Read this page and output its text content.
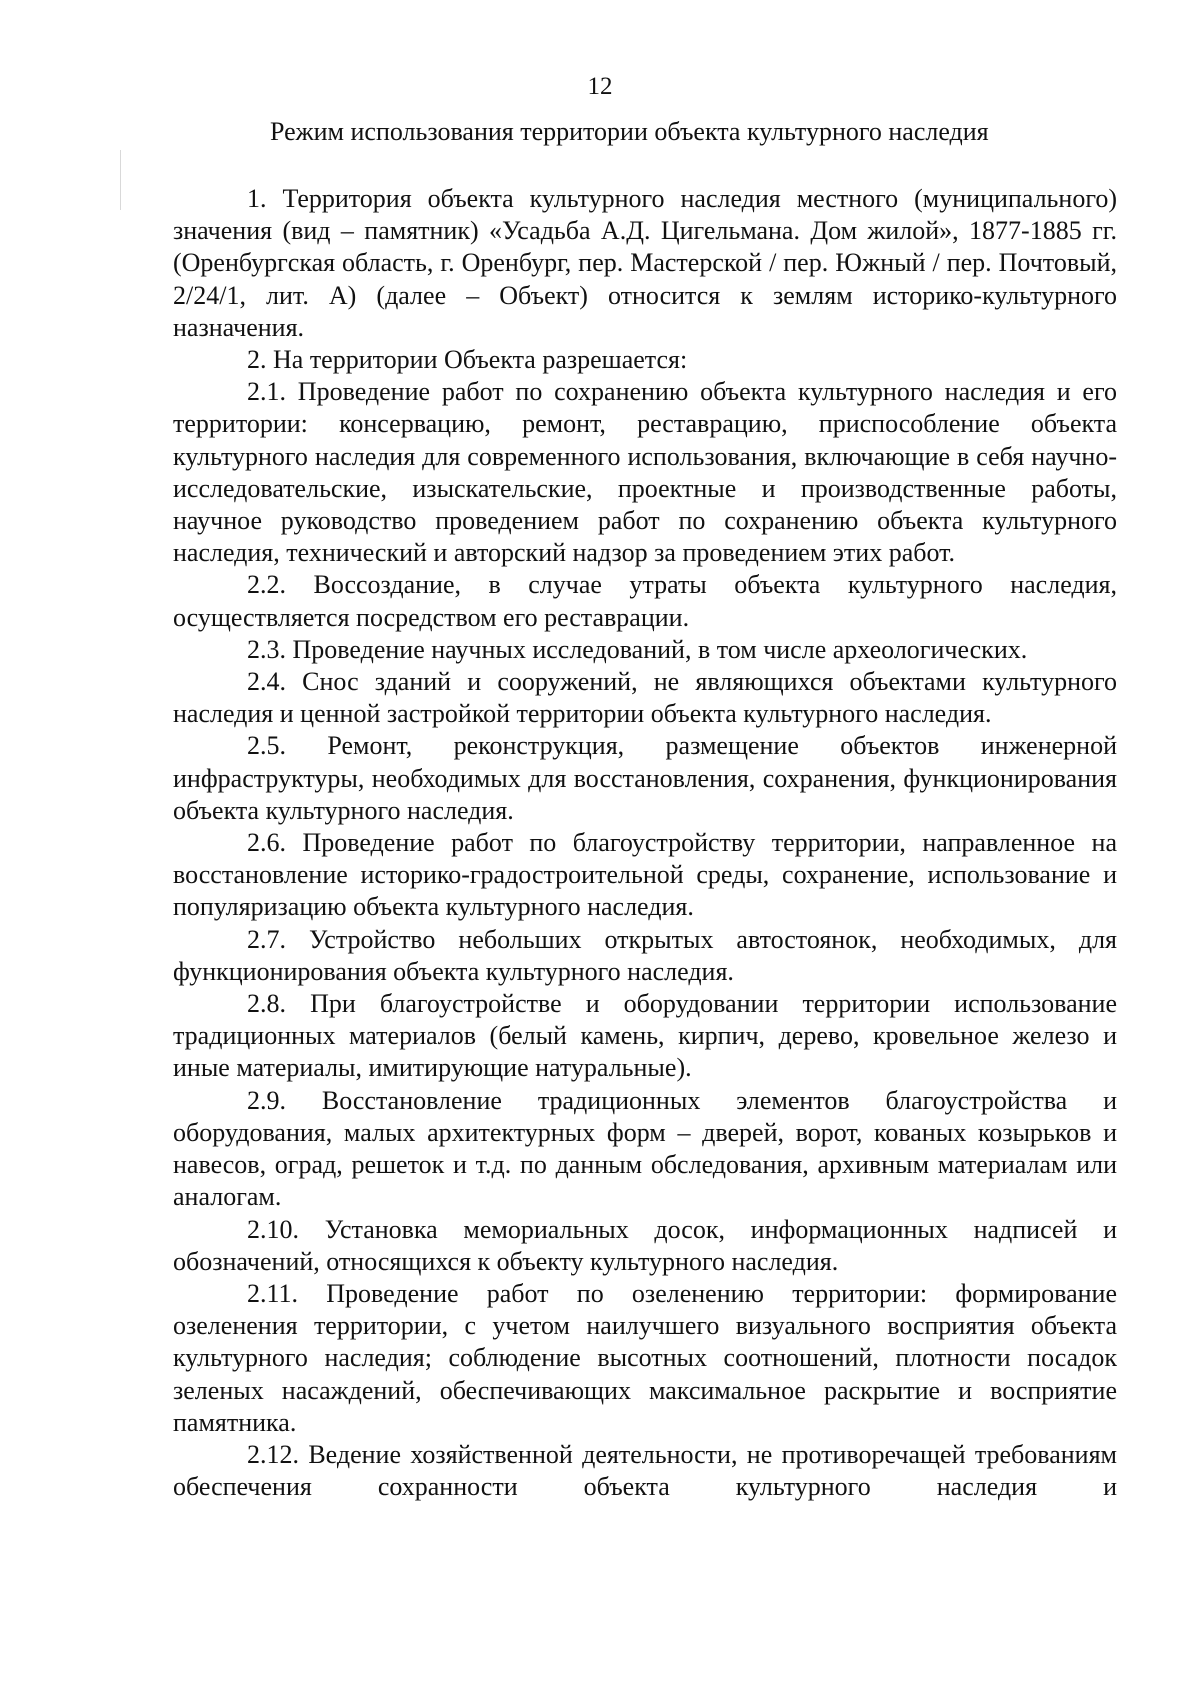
12
Режим использования территории объекта культурного наследия

1. Территория объекта культурного наследия местного (муниципального) значения (вид – памятник) «Усадьба А.Д. Цигельмана. Дом жилой», 1877-1885 гг. (Оренбургская область, г. Оренбург, пер. Мастерской / пер. Южный / пер. Почтовый, 2/24/1, лит. А) (далее – Объект) относится к землям историко-культурного назначения.

2. На территории Объекта разрешается:

2.1. Проведение работ по сохранению объекта культурного наследия и его территории: консервацию, ремонт, реставрацию, приспособление объекта культурного наследия для современного использования, включающие в себя научно-исследовательские, изыскательские, проектные и производственные работы, научное руководство проведением работ по сохранению объекта культурного наследия, технический и авторский надзор за проведением этих работ.

2.2. Воссоздание, в случае утраты объекта культурного наследия, осуществляется посредством его реставрации.

2.3. Проведение научных исследований, в том числе археологических.

2.4. Снос зданий и сооружений, не являющихся объектами культурного наследия и ценной застройкой территории объекта культурного наследия.

2.5. Ремонт, реконструкция, размещение объектов инженерной инфраструктуры, необходимых для восстановления, сохранения, функционирования объекта культурного наследия.

2.6. Проведение работ по благоустройству территории, направленное на восстановление историко-градостроительной среды, сохранение, использование и популяризацию объекта культурного наследия.

2.7. Устройство небольших открытых автостоянок, необходимых, для функционирования объекта культурного наследия.

2.8. При благоустройстве и оборудовании территории использование традиционных материалов (белый камень, кирпич, дерево, кровельное железо и иные материалы, имитирующие натуральные).

2.9. Восстановление традиционных элементов благоустройства и оборудования, малых архитектурных форм – дверей, ворот, кованых козырьков и навесов, оград, решеток и т.д. по данным обследования, архивным материалам или аналогам.

2.10. Установка мемориальных досок, информационных надписей и обозначений, относящихся к объекту культурного наследия.

2.11. Проведение работ по озеленению территории: формирование озеленения территории, с учетом наилучшего визуального восприятия объекта культурного наследия; соблюдение высотных соотношений, плотности посадок зеленых насаждений, обеспечивающих максимальное раскрытие и восприятие памятника.

2.12. Ведение хозяйственной деятельности, не противоречащей требованиям обеспечения сохранности объекта культурного наследия и
